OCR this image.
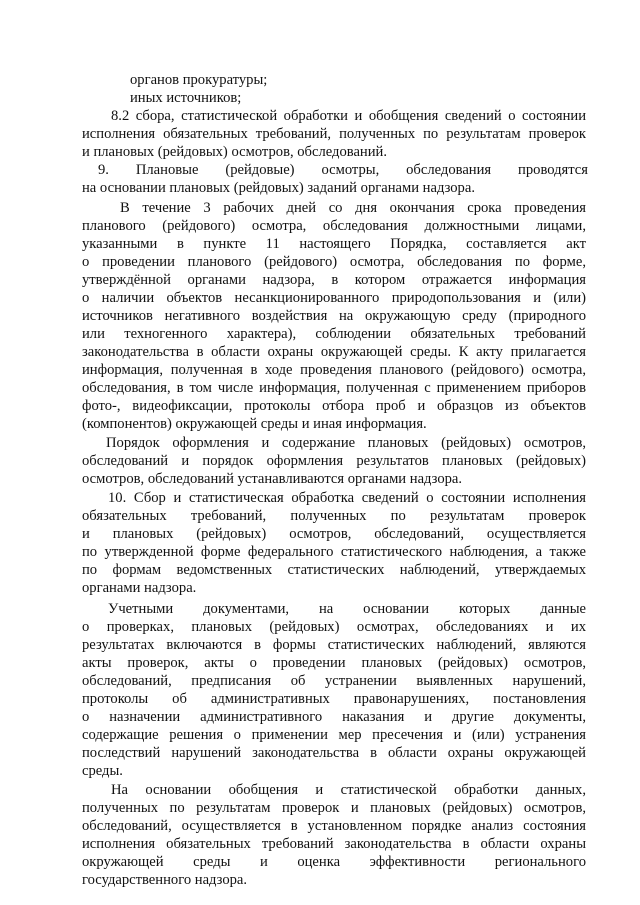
органов прокуратуры;
иных источников;
8.2 сбора, статистической обработки и обобщения сведений о состоянии
исполнения обязательных требований, полученных по результатам проверок
и плановых (рейдовых) осмотров, обследований.
9. Плановые (рейдовые) осмотры, обследования проводятся
на основании плановых (рейдовых) заданий органами надзора.
В течение 3 рабочих дней со дня окончания срока проведения
планового (рейдового) осмотра, обследования должностными лицами,
указанными в пункте 11 настоящего Порядка, составляется акт
о проведении планового (рейдового) осмотра, обследования по форме,
утверждённой органами надзора, в котором отражается информация
о наличии объектов несанкционированного природопользования и (или)
источников негативного воздействия на окружающую среду (природного
или техногенного характера), соблюдении обязательных требований
законодательства в области охраны окружающей среды. К акту прилагается
информация, полученная в ходе проведения планового (рейдового) осмотра,
обследования, в том числе информация, полученная с применением приборов
фото-, видеофиксации, протоколы отбора проб и образцов из объектов
(компонентов) окружающей среды и иная информация.
Порядок оформления и содержание плановых (рейдовых) осмотров,
обследований и порядок оформления результатов плановых (рейдовых)
осмотров, обследований устанавливаются органами надзора.
10. Сбор и статистическая обработка сведений о состоянии исполнения
обязательных требований, полученных по результатам проверок
и плановых (рейдовых) осмотров, обследований, осуществляется
по утвержденной форме федерального статистического наблюдения, а также
по формам ведомственных статистических наблюдений, утверждаемых
органами надзора.
Учетными документами, на основании которых данные
о проверках, плановых (рейдовых) осмотрах, обследованиях и их
результатах включаются в формы статистических наблюдений, являются
акты проверок, акты о проведении плановых (рейдовых) осмотров,
обследований, предписания об устранении выявленных нарушений,
протоколы об административных правонарушениях, постановления
о назначении административного наказания и другие документы,
содержащие решения о применении мер пресечения и (или) устранения
последствий нарушений законодательства в области охраны окружающей
среды.
На основании обобщения и статистической обработки данных,
полученных по результатам проверок и плановых (рейдовых) осмотров,
обследований, осуществляется в установленном порядке анализ состояния
исполнения обязательных требований законодательства в области охраны
окружающей среды и оценка эффективности регионального
государственного надзора.
